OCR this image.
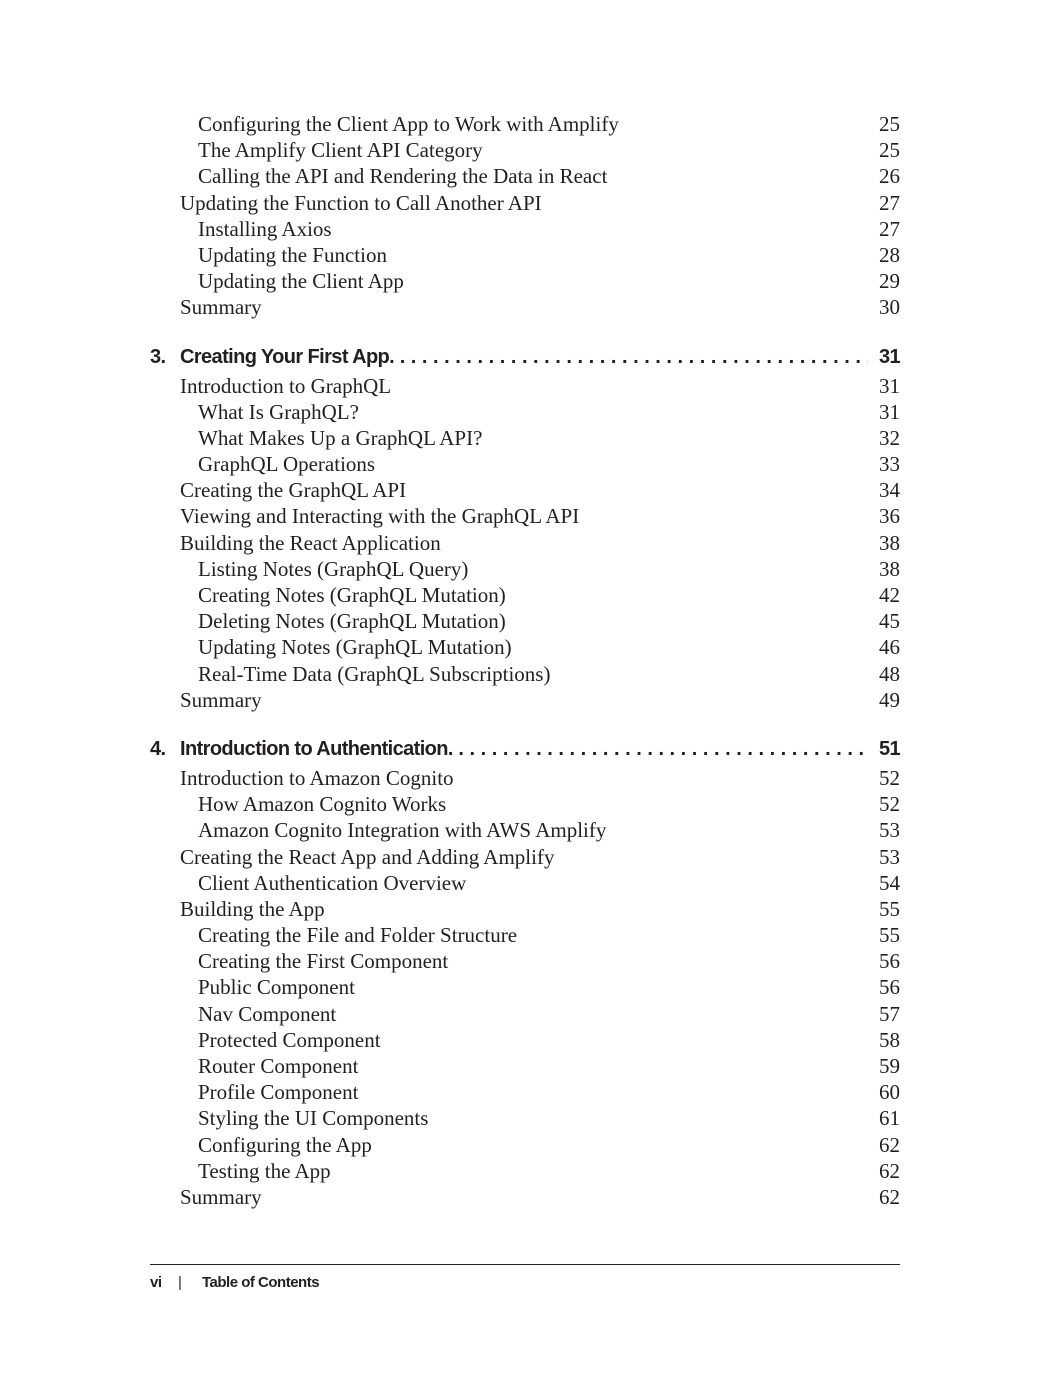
Configuring the Client App to Work with Amplify	25
The Amplify Client API Category	25
Calling the API and Rendering the Data in React	26
Updating the Function to Call Another API	27
Installing Axios	27
Updating the Function	28
Updating the Client App	29
Summary	30
3. Creating Your First App. . . .	31
Introduction to GraphQL	31
What Is GraphQL?	31
What Makes Up a GraphQL API?	32
GraphQL Operations	33
Creating the GraphQL API	34
Viewing and Interacting with the GraphQL API	36
Building the React Application	38
Listing Notes (GraphQL Query)	38
Creating Notes (GraphQL Mutation)	42
Deleting Notes (GraphQL Mutation)	45
Updating Notes (GraphQL Mutation)	46
Real-Time Data (GraphQL Subscriptions)	48
Summary	49
4. Introduction to Authentication. . . .	51
Introduction to Amazon Cognito	52
How Amazon Cognito Works	52
Amazon Cognito Integration with AWS Amplify	53
Creating the React App and Adding Amplify	53
Client Authentication Overview	54
Building the App	55
Creating the File and Folder Structure	55
Creating the First Component	56
Public Component	56
Nav Component	57
Protected Component	58
Router Component	59
Profile Component	60
Styling the UI Components	61
Configuring the App	62
Testing the App	62
Summary	62
vi | Table of Contents
